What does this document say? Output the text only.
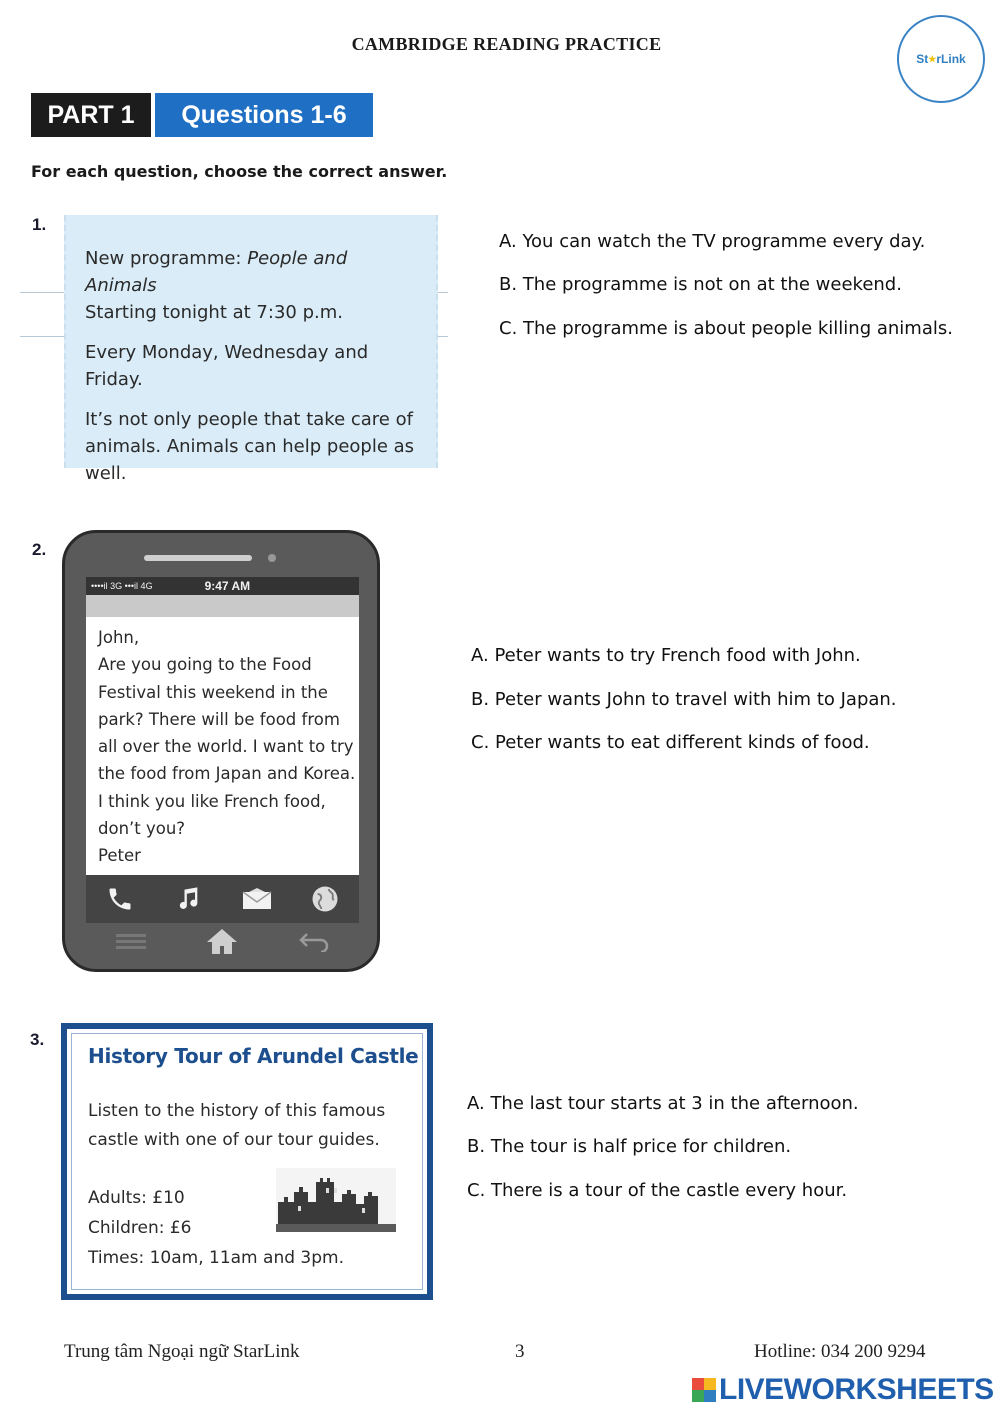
CAMBRIDGE READING PRACTICE
St ★ rLink
PART 1	Questions 1-6
For each question, choose the correct answer.
1.
New programme: People and Animals
Starting tonight at 7:30 p.m.
Every Monday, Wednesday and Friday.
It’s not only people that take care of
animals. Animals can help people as
well.
A. You can watch the TV programme every day.
B. The programme is not on at the weekend.
C. The programme is about people killing animals.
2.
••••il 3G •••il 4G	9:47 AM
John,
Are you going to the Food
Festival this weekend in the
park? There will be food from
all over the world. I want to try
the food from Japan and Korea.
I think you like French food,
don’t you?
Peter
A. Peter wants to try French food with John.
B. Peter wants John to travel with him to Japan.
C. Peter wants to eat different kinds of food.
3.
History Tour of Arundel Castle
Listen to the history of this famous
castle with one of our tour guides.
Adults: £10
Children: £6
Times: 10am, 11am and 3pm.
A. The last tour starts at 3 in the afternoon.
B. The tour is half price for children.
C. There is a tour of the castle every hour.
Trung tâm Ngoại ngữ StarLink	3	Hotline: 034 200 9294
LIVEWORKSHEETS
